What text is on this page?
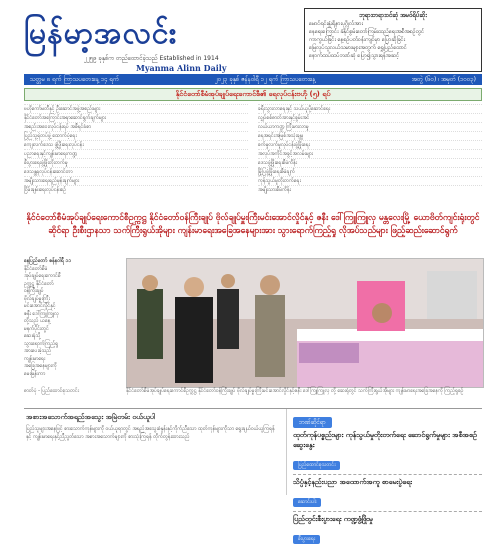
မြန်မာ့အလင်း
၂၂၅၉ ခုနှစ်က တည်ထောင်ခဲ့သည် Established in 1914
Myanma Alinn Daily
ဘုရားတရားဝင်ဆုံ အမဝ်ရိပ်ဆိုး
မောင်ရင်းနှုံးရိုနားပုဂ္ဂိုလ်အား
နေရေးကြောင်း ခံနိုင်စွမ်းတော်ကြမ်းထည်ရေးအစီအစဉ်တွင်
ကာကွယ်ခြင်း နေ့စဉ်ပတ်ဝန်းကျင်မှာ ပြောဆိုခြင်း
မြေလုပ်သူလယ်သမားများအတွက် ရွှေပြည်ထောင်
နောက်ထပ်ထပ်ဘဏ်ဆုံ ပြော၍သွားရန်အဆင့်
သတ္တမ ၈ ရက် ကြာသပတေးနေ့ ၁၄ ရက်	၂၀၂၃ ခုနှစ် ဇန်နဝါရီ ၁၂ ရက် ကြာသပတေးနေ့	အတွဲ (၆၀) ၊ အမှတ် (၁၀၀၃)
နိုင်ငံတော်စီမံအုပ်ချုပ်ရေးကောင်စီ၏ ရေလုပ်ငန်းဗဟို (၅) ရပ်

ဗဟိုကော်မတီနှင့် ဦးဆောင်အဖွဲ့အစည်းများ

နိုင်ငံတော်အကြောင်းအရာဆောင်ရွက်ချက်များ

အစည်းအဝေးလုပ်ငန်းရပ် အစီရင်ခံစာ

ပြည်သူ့ရဲတပ်ဖွဲ့ ထောက်ပံ့ရေး

ကျေးလက်ဒေသ ဖွံ့ဖြိုးရေးလုပ်ငန်း

ပညာရေးနှင့်ကျန်းမာရေးကဏ္ဍ

စီးပွားရေးဖွံ့ဖြိုးတိုးတက်မှု

ဒေသန္တရလုပ်ငန်းဆောင်တာ

အမျိုးသားရေးရည်မှန်းချက်များ

ငြိမ်းချမ်းရေးလုပ်ငန်းစဉ်

ခရီးသွားလာရေးနှင့် သယ်ယူပို့ဆောင်ရေး

လျှပ်စစ်ဓာတ်အားနှင့်စွမ်းအင်

လယ်ယာကဏ္ဍ ကြီးမားလာမှု

ရေအရင်းအမြစ်အသုံးချမှု

စက်မှုလက်မှုလုပ်ငန်းဖွံ့ဖြိုးရေး

အလုပ်အကိုင်အခွင့်အလမ်းများ

ဒေသဖွံ့ဖြိုးရေးစီမံကိန်း

မြို့ပြဖွံ့ဖြိုးရေးစီမံချက်

ကုန်သွယ်မှုတိုးတက်ရေး

အမျိုးသားစီမံကိန်း

နိုင်ငံတော်စီမံအုပ်ချုပ်ရေးကောင်စီဥက္ကဋ္ဌ နိုင်ငံတော်ဝန်ကြီးချုပ် ဗိုလ်ချုပ်မှူးကြီးမင်းအောင်လှိုင်နှင့် ဇနီး ဒေါ်ကြူကြူလှ မန္တလေးမြို့ ယောဗိတ်ကျင်းရုံးတွင်ဆိုင်ရာ ဦးစီးဌာနသာ သက်ကြီးရွယ်အိုများ ကျန်းမာရေးအခြေအနေများအား သွားရောက်ကြည့်ရှု လိုအပ်သည်များ ဖြည့်ဆည်းဆောင်ရွက်
နေပြည်တော် ဇန်နဝါရီ ၁၁
နိုင်ငံတော်စီမံ
အုပ်ချုပ်ရေးကောင်စီ
ဥက္ကဋ္ဌ နိုင်ငံတော်
ဝန်ကြီးချုပ်
ဗိုလ်ချုပ်မှူးကြီး
မင်းအောင်လှိုင်နှင့်
ဇနီး ဒေါ်ကြူကြူလှ
တို့သည် ယနေ့
မနက်ပိုင်းတွင်
ဆေးရုံသို့
သွားရောက်ကြည့်ရှု
အားပေးခဲ့သည်
ကျန်းမာရေး
အခြေအနေများကို
မေးမြန်းကာ
ဓာတ်ပုံ - ပြည်ထောင်စုသတင်း	နိုင်ငံတော်စီမံအုပ်ချုပ်ရေးကောင်စီဥက္ကဋ္ဌ နိုင်ငံတော်ဝန်ကြီးချုပ် ဗိုလ်ချုပ်မှူးကြီးမင်းအောင်လှိုင်နှင့်ဇနီး ဒေါ်ကြူကြူလှ တို့ ဆေးရုံတွင် သက်ကြီးရွယ်အိုများ ကျန်းမာရေးအခြေအနေကို ကြည့်ရှုစဉ်
အစားအသောက်အရည်အသွေး အမြဲတမ်း ဝယ်ယူပါ
ပြည်သူများအနေဖြင့် စားသောက်ကုန်များကို ဝယ်ယူရာတွင် အရည်အသွေးစံနှုန်းနှင့်ကိုက်ညီသော ထုတ်ကုန်များကိုသာ ရွေးချယ်ဝယ်ယူကြရန်နှင့် ကျန်းမာရေးနှင့်ညီညွတ်သော အစားအသောက်များကို စားသုံးကြရန် တိုက်တွန်းထားသည်
ဘဏ်ဆိုင်ရာ
ထုတ်ကုန်ပစ္စည်းများ ကုန်သွယ်မှုတိုးတက်ရေး ဆောင်ရွက်မှုများ အစီအစဉ်ဆွေးနွေး
ပြည်ထောင်စုသတင်း
သိပ္ပံနှင့်နည်းပညာ အထောက်အကူ စာမေးပွဲရေး
ဆောင်းပါး
ပြည်တွင်းစီးပွားရေး ကဏ္ဍဖွံ့ဖြိုးမှု
စီးပွားရေး
